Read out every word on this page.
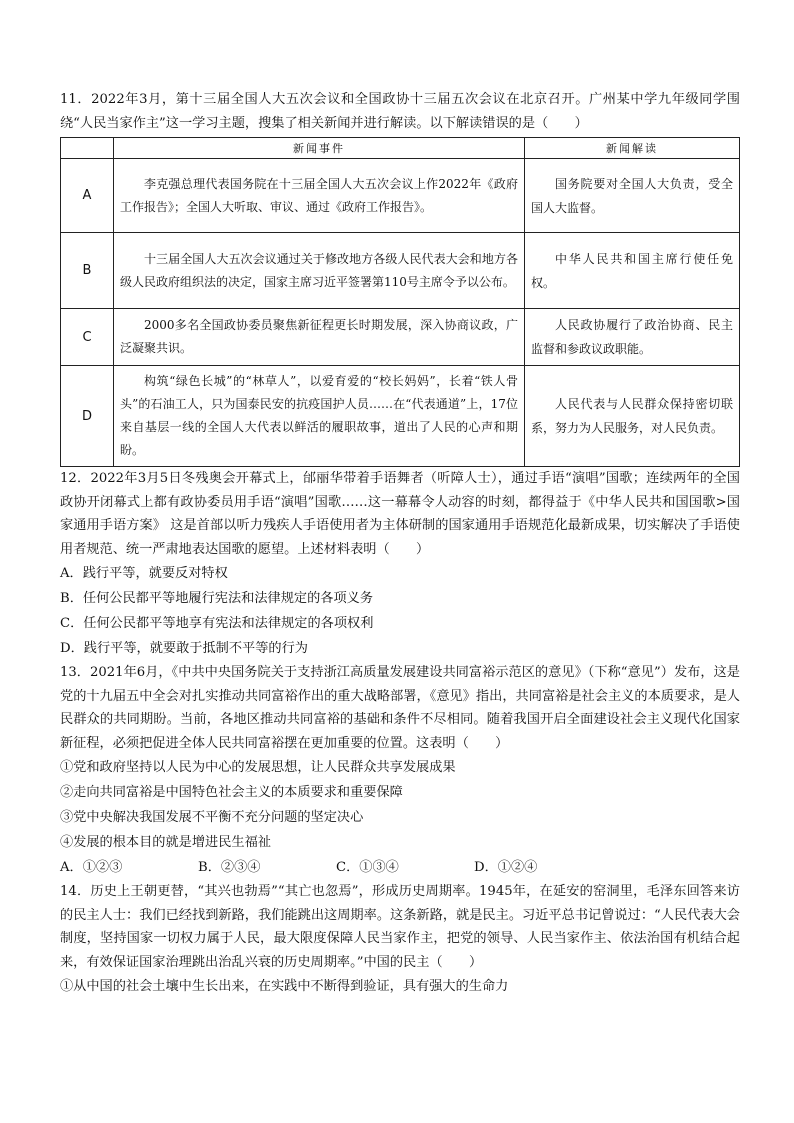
11．2022年3月，第十三届全国人大五次会议和全国政协十三届五次会议在北京召开。广州某中学九年级同学围绕“人民当家作主”这一学习主题，搜集了相关新闻并进行解读。以下解读错误的是（　　）

	新闻事件	新闻解读
A	李克强总理代表国务院在十三届全国人大五次会议上作2022年《政府工作报告》；全国人大听取、审议、通过《政府工作报告》。	国务院要对全国人大负责，受全国人大监督。
B	十三届全国人大五次会议通过关于修改地方各级人民代表大会和地方各级人民政府组织法的决定，国家主席习近平签署第110号主席令予以公布。	中华人民共和国主席行使任免权。
C	2000多名全国政协委员聚焦新征程更长时期发展，深入协商议政，广泛凝聚共识。	人民政协履行了政治协商、民主监督和参政议政职能。
D	构筑“绿色长城”的“林草人”，以爱育爱的“校长妈妈”，长着“铁人骨头”的石油工人，只为国泰民安的抗疫国护人员……在“代表通道”上，17位来自基层一线的全国人大代表以鲜活的履职故事，道出了人民的心声和期盼。	人民代表与人民群众保持密切联系，努力为人民服务，对人民负责。

12．2022年3月5日冬残奥会开幕式上，邰丽华带着手语舞者（听障人士），通过手语“演唱”国歌；连续两年的全国政协开闭幕式上都有政协委员用手语“演唱”国歌……这一幕幕令人动容的时刻，都得益于《中华人民共和国国歌>国家通用手语方案》 这是首部以听力残疾人手语使用者为主体研制的国家通用手语规范化最新成果，切实解决了手语使用者规范、统一严肃地表达国歌的愿望。上述材料表明（　　）

A．践行平等，就要反对特权

B．任何公民都平等地履行宪法和法律规定的各项义务

C．任何公民都平等地享有宪法和法律规定的各项权利

D．践行平等，就要敢于抵制不平等的行为

13．2021年6月，《中共中央国务院关于支持浙江高质量发展建设共同富裕示范区的意见》（下称“意见”）发布，这是党的十九届五中全会对扎实推动共同富裕作出的重大战略部署，《意见》指出，共同富裕是社会主义的本质要求，是人民群众的共同期盼。当前，各地区推动共同富裕的基础和条件不尽相同。随着我国开启全面建设社会主义现代化国家新征程，必须把促进全体人民共同富裕摆在更加重要的位置。这表明（　　）

①党和政府坚持以人民为中心的发展思想，让人民群众共享发展成果

②走向共同富裕是中国特色社会主义的本质要求和重要保障

③党中央解决我国发展不平衡不充分问题的坚定决心

④发展的根本目的就是增进民生福祉

A．①②③	B．②③④	C．①③④	D．①②④

14．历史上王朝更替，“其兴也勃焉”“其亡也忽焉”，形成历史周期率。1945年，在延安的窑洞里，毛泽东回答来访的民主人士：我们已经找到新路，我们能跳出这周期率。这条新路，就是民主。习近平总书记曾说过：“人民代表大会制度，坚持国家一切权力属于人民，最大限度保障人民当家作主，把党的领导、人民当家作主、依法治国有机结合起来，有效保证国家治理跳出治乱兴衰的历史周期率。”中国的民主（　　）

①从中国的社会土壤中生长出来，在实践中不断得到验证，具有强大的生命力
